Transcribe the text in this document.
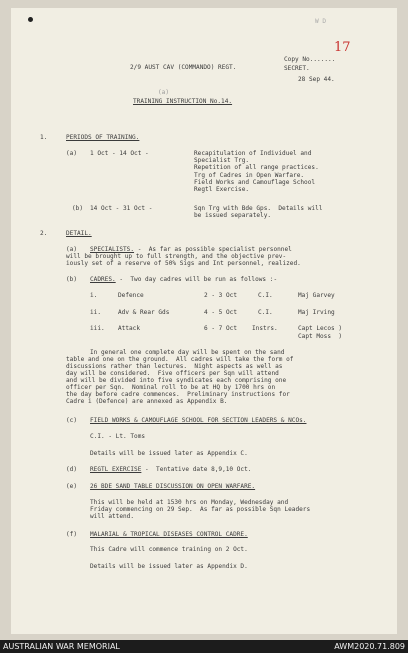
W D
2/9 AUST CAV (COMMANDO) REGT.
Copy No.......
SECRET.
28 Sep 44.
17
(a)
TRAINING INSTRUCTION No.14.
1.	PERIODS OF TRAINING.
(a) 1 Oct - 14 Oct -	Recapitulation of Individuel and
Specialist Trg.
Repetition of all range practices.
Trg of Cadres in Open Warfare.
Field Works and Camouflage School
Regtl Exercise.
(b) 14 Oct - 31 Oct -	Sqn Trg with Bde Gps.  Details will
be issued separately.
2.	DETAIL.
(a) SPECIALISTS. -  As far as possible specialist personnel
will be brought up to full strength, and the objective prev-
iously set of a reserve of 50% Sigs and Int personnel, realized.
(b) CADRES. -  Two day cadres will be run as follows :-
i.	Defence	2 - 3 Oct	C.I.	Maj Garvey
ii.	Adv & Rear Gds	4 - 5 Oct	C.I.	Maj Irving
iii. Attack	6 - 7 Oct Instrs.	Capt Lecos )
Capt Moss  )
In general one complete day will be spent on the sand
table and one on the ground.  All cadres will take the form of
discussions rather than lectures.  Night aspects as well as
day will be considered.  Five officers per Sqn will attend
and will be divided into five syndicates each comprising one
officer per Sqn.  Nominal roll to be at HQ by 1700 hrs on
the day before cadre commences.  Preliminary instructions for
Cadre i (Defence) are annexed as Appendix B.
(c) FIELD WORKS & CAMOUFLAGE SCHOOL FOR SECTION LEADERS & NCOs.
C.I. - Lt. Toms
Details will be issued later as Appendix C.
(d) REGTL EXERCISE -  Tentative date 8,9,10 Oct.
(e) 26 BDE SAND TABLE DISCUSSION ON OPEN WARFARE.
This will be held at 1530 hrs on Monday, Wednesday and
Friday commencing on 29 Sep.  As far as possible Sqn Leaders
will attend.
(f) MALARIAL & TROPICAL DISEASES CONTROL CADRE.
This Cadre will commence training on 2 Oct.
Details will be issued later as Appendix D.
AUSTRALIAN WAR MEMORIAL	AWM2020.71.809
